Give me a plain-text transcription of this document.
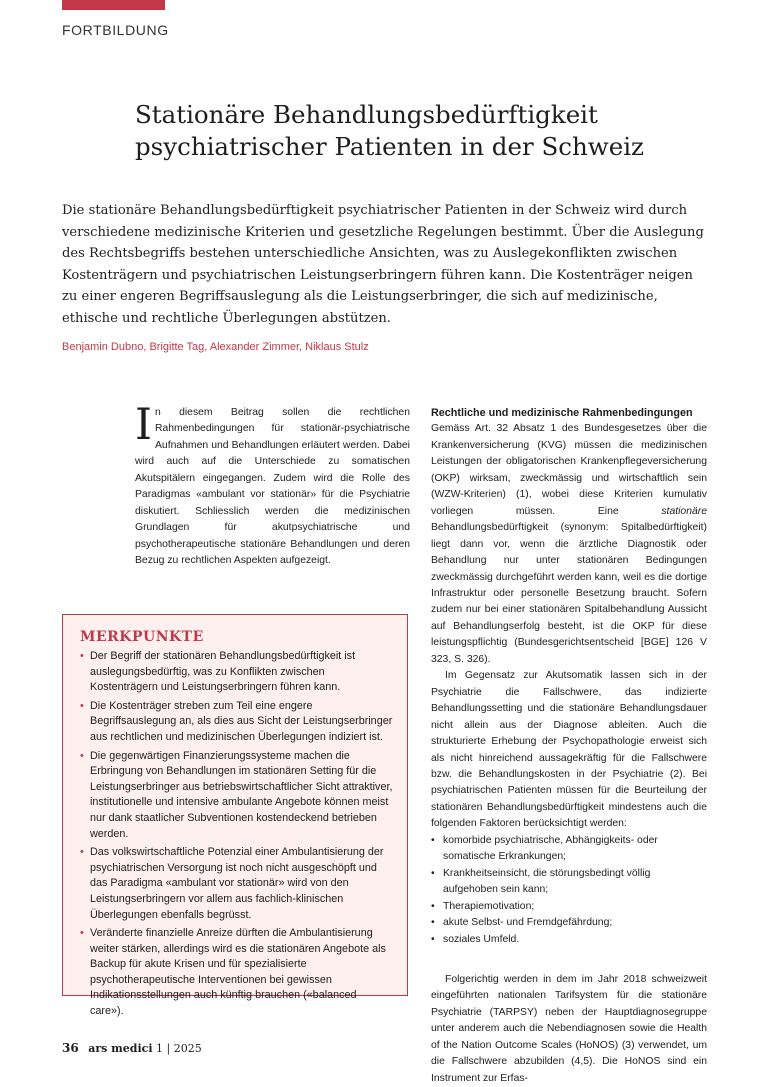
FORTBILDUNG
Stationäre Behandlungsbedürftigkeit
psychiatrischer Patienten in der Schweiz

Die stationäre Behandlungsbedürftigkeit psychiatrischer Patienten in der Schweiz wird durch verschiedene medizinische Kriterien und gesetzliche Regelungen bestimmt. Über die Auslegung des Rechtsbegriffs bestehen unterschiedliche Ansichten, was zu Auslegekonflikten zwischen Kostenträgern und psychiatrischen Leistungserbringern führen kann. Die Kostenträger neigen zu einer engeren Begriffsauslegung als die Leistungserbringer, die sich auf medizinische, ethische und rechtliche Überlegungen abstützen.

Benjamin Dubno, Brigitte Tag, Alexander Zimmer, Niklaus Stulz
I n diesem Beitrag sollen die rechtlichen Rahmenbedingungen für stationär-psychiatrische Aufnahmen und Behandlungen erläutert werden. Dabei wird auch auf die Unterschiede zu somatischen Akutspitälern eingegangen. Zudem wird die Rolle des Paradigmas «ambulant vor stationär» für die Psychiatrie diskutiert. Schliesslich werden die medizinischen Grundlagen für akutpsychiatrische und psychotherapeutische stationäre Behandlungen und deren Bezug zu rechtlichen Aspekten aufgezeigt.

MERKPUNKTE
• Der Begriff der stationären Behandlungsbedürftigkeit ist auslegungsbedürftig, was zu Konflikten zwischen Kostenträgern und Leistungserbringern führen kann.
• Die Kostenträger streben zum Teil eine engere Begriffsauslegung an, als dies aus Sicht der Leistungserbringer aus rechtlichen und medizinischen Überlegungen indiziert ist.
• Die gegenwärtigen Finanzierungssysteme machen die Erbringung von Behandlungen im stationären Setting für die Leistungserbringer aus betriebswirtschaftlicher Sicht attraktiver, institutionelle und intensive ambulante Angebote können meist nur dank staatlicher Subventionen kostendeckend betrieben werden.
• Das volkswirtschaftliche Potenzial einer Ambulantisierung der psychiatrischen Versorgung ist noch nicht ausgeschöpft und das Paradigma «ambulant vor stationär» wird von den Leistungserbringern vor allem aus fachlich-klinischen Überlegungen ebenfalls begrüsst.
• Veränderte finanzielle Anreize dürften die Ambulantisierung weiter stärken, allerdings wird es die stationären Angebote als Backup für akute Krisen und für spezialisierte psychotherapeutische Interventionen bei gewissen Indikationsstellungen auch künftig brauchen («balanced care»).
Rechtliche und medizinische Rahmenbedingungen

Gemäss Art. 32 Absatz 1 des Bundesgesetzes über die Krankenversicherung (KVG) müssen die medizinischen Leistungen der obligatorischen Krankenpflegeversicherung (OKP) wirksam, zweckmässig und wirtschaftlich sein (WZW-Kriterien) (1), wobei diese Kriterien kumulativ vorliegen müssen. Eine stationäre Behandlungsbedürftigkeit (synonym: Spitalbedürftigkeit) liegt dann vor, wenn die ärztliche Diagnostik oder Behandlung nur unter stationären Bedingungen zweckmässig durchgeführt werden kann, weil es die dortige Infrastruktur oder personelle Besetzung braucht. Sofern zudem nur bei einer stationären Spitalbehandlung Aussicht auf Behandlungserfolg besteht, ist die OKP für diese leistungspflichtig (Bundesgerichtsentscheid [BGE] 126 V 323, S. 326).

Im Gegensatz zur Akutsomatik lassen sich in der Psychiatrie die Fallschwere, das indizierte Behandlungssetting und die stationäre Behandlungsdauer nicht allein aus der Diagnose ableiten. Auch die strukturierte Erhebung der Psychopathologie erweist sich als nicht hinreichend aussagekräftig für die Fallschwere bzw. die Behandlungskosten in der Psychiatrie (2). Bei psychiatrischen Patienten müssen für die Beurteilung der stationären Behandlungsbedürftigkeit mindestens auch die folgenden Faktoren berücksichtigt werden:

• komorbide psychiatrische, Abhängigkeits- oder somatische Erkrankungen;
• Krankheitseinsicht, die störungsbedingt völlig aufgehoben sein kann;
• Therapiemotivation;
• akute Selbst- und Fremdgefährdung;
• soziales Umfeld.

Folgerichtig werden in dem im Jahr 2018 schweizweit eingeführten nationalen Tarifsystem für die stationäre Psychiatrie (TARPSY) neben der Hauptdiagnosegruppe unter anderem auch die Nebendiagnosen sowie die Health of the Nation Outcome Scales (HoNOS) (3) verwendet, um die Fallschwere abzubilden (4,5). Die HoNOS sind ein Instrument zur Erfas-

36 ars medici 1 | 2025
